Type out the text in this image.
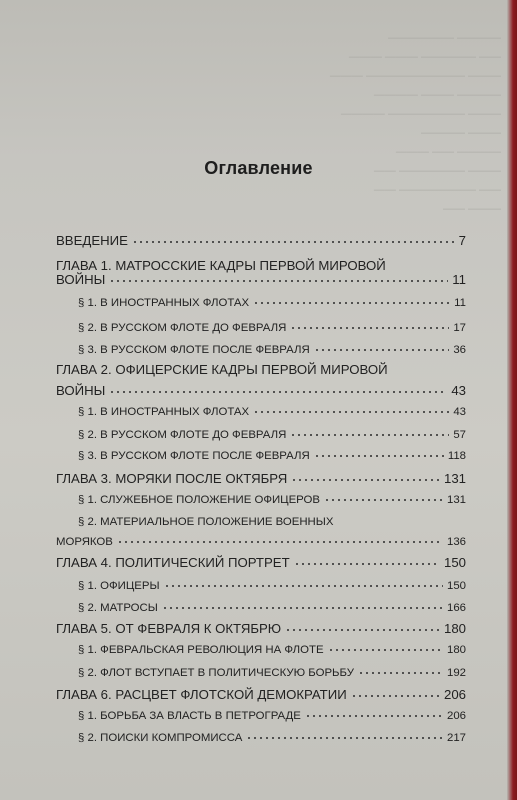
———— ——————
—— ————— ——— ———
——— ————————— ———
———— ——— ————
——— ——————— ————
——— ————
———— —— ———
——— —————— ——
—— ——————— ——
——— ——
Оглавление
ВВЕДЕНИЕ	7
ГЛАВА 1. МАТРОССКИЕ КАДРЫ ПЕРВОЙ МИРОВОЙ
ВОЙНЫ	11
§ 1. В ИНОСТРАННЫХ ФЛОТАХ	11
§ 2. В РУССКОМ ФЛОТЕ ДО ФЕВРАЛЯ	17
§ 3. В РУССКОМ ФЛОТЕ ПОСЛЕ ФЕВРАЛЯ	36
ГЛАВА 2. ОФИЦЕРСКИЕ КАДРЫ ПЕРВОЙ МИРОВОЙ
ВОЙНЫ	43
§ 1. В ИНОСТРАННЫХ ФЛОТАХ	43
§ 2. В РУССКОМ ФЛОТЕ ДО ФЕВРАЛЯ	57
§ 3. В РУССКОМ ФЛОТЕ ПОСЛЕ ФЕВРАЛЯ	118
ГЛАВА 3. МОРЯКИ ПОСЛЕ ОКТЯБРЯ	131
§ 1. СЛУЖЕБНОЕ ПОЛОЖЕНИЕ ОФИЦЕРОВ	131
§ 2. МАТЕРИАЛЬНОЕ ПОЛОЖЕНИЕ ВОЕННЫХ
МОРЯКОВ	136
ГЛАВА 4. ПОЛИТИЧЕСКИЙ ПОРТРЕТ	150
§ 1. ОФИЦЕРЫ	150
§ 2. МАТРОСЫ	166
ГЛАВА 5. ОТ ФЕВРАЛЯ К ОКТЯБРЮ	180
§ 1. ФЕВРАЛЬСКАЯ РЕВОЛЮЦИЯ НА ФЛОТЕ	180
§ 2. ФЛОТ ВСТУПАЕТ В ПОЛИТИЧЕСКУЮ БОРЬБУ	192
ГЛАВА 6. РАСЦВЕТ ФЛОТСКОЙ ДЕМОКРАТИИ	206
§ 1. БОРЬБА ЗА ВЛАСТЬ В ПЕТРОГРАДЕ	206
§ 2. ПОИСКИ КОМПРОМИССА	217
